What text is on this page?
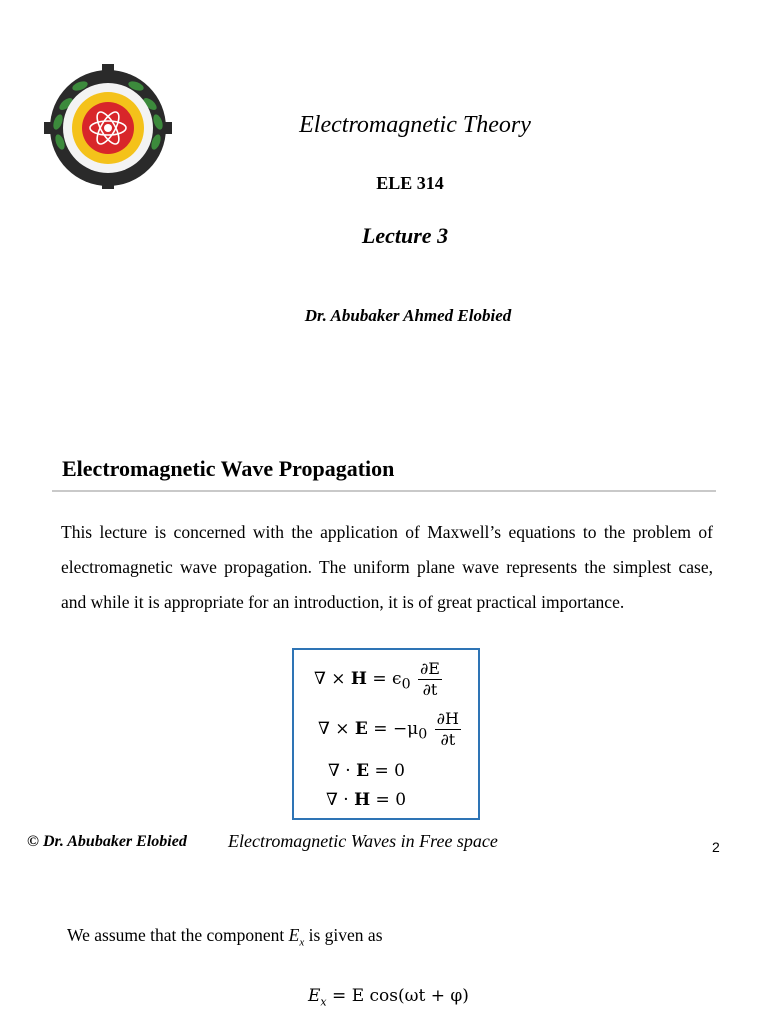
Electromagnetic Theory
ELE 314
Lecture 3
Dr. Abubaker Ahmed Elobied
Electromagnetic Wave Propagation
This lecture is concerned with the application of Maxwell’s equations to the problem of electromagnetic wave propagation. The uniform plane wave represents the simplest case, and while it is appropriate for an introduction, it is of great practical importance.
∇ × $H = \epsilon_0 \frac{\partial E}{\partial t}$
∇ × $E = -\mu_0 \frac{\partial H}{\partial t}$
∇ · E = 0
∇ · H = 0
© Dr. Abubaker Elobied Electromagnetic Waves in Free space	2
We assume that the component $E_x$ is given as
$E_x = E$ cos(ωt + φ)
